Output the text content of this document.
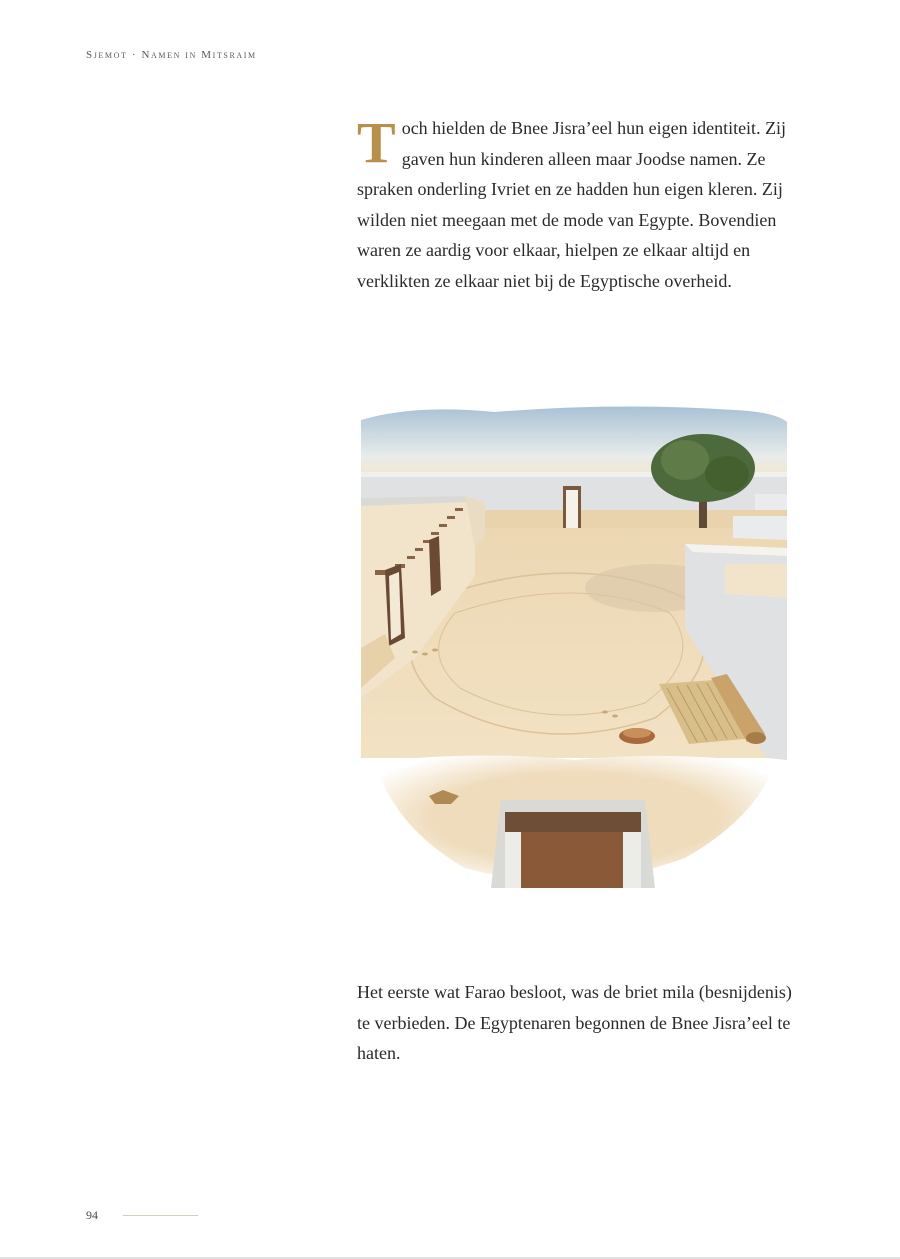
Sjemot · Namen in Mitsraim
Toch hielden de Bnee Jisra’eel hun eigen identiteit. Zij gaven hun kinderen alleen maar Joodse namen. Ze spraken onderling Ivriet en ze hadden hun eigen kleren. Zij wilden niet meegaan met de mode van Egypte. Bovendien waren ze aardig voor elkaar, hielpen ze elkaar altijd en verklikten ze elkaar niet bij de Egyptische overheid.
Het eerste wat Farao besloot, was de briet mila (besnijdenis) te verbieden. De Egyptenaren begonnen de Bnee Jisra’eel te haten.
94
